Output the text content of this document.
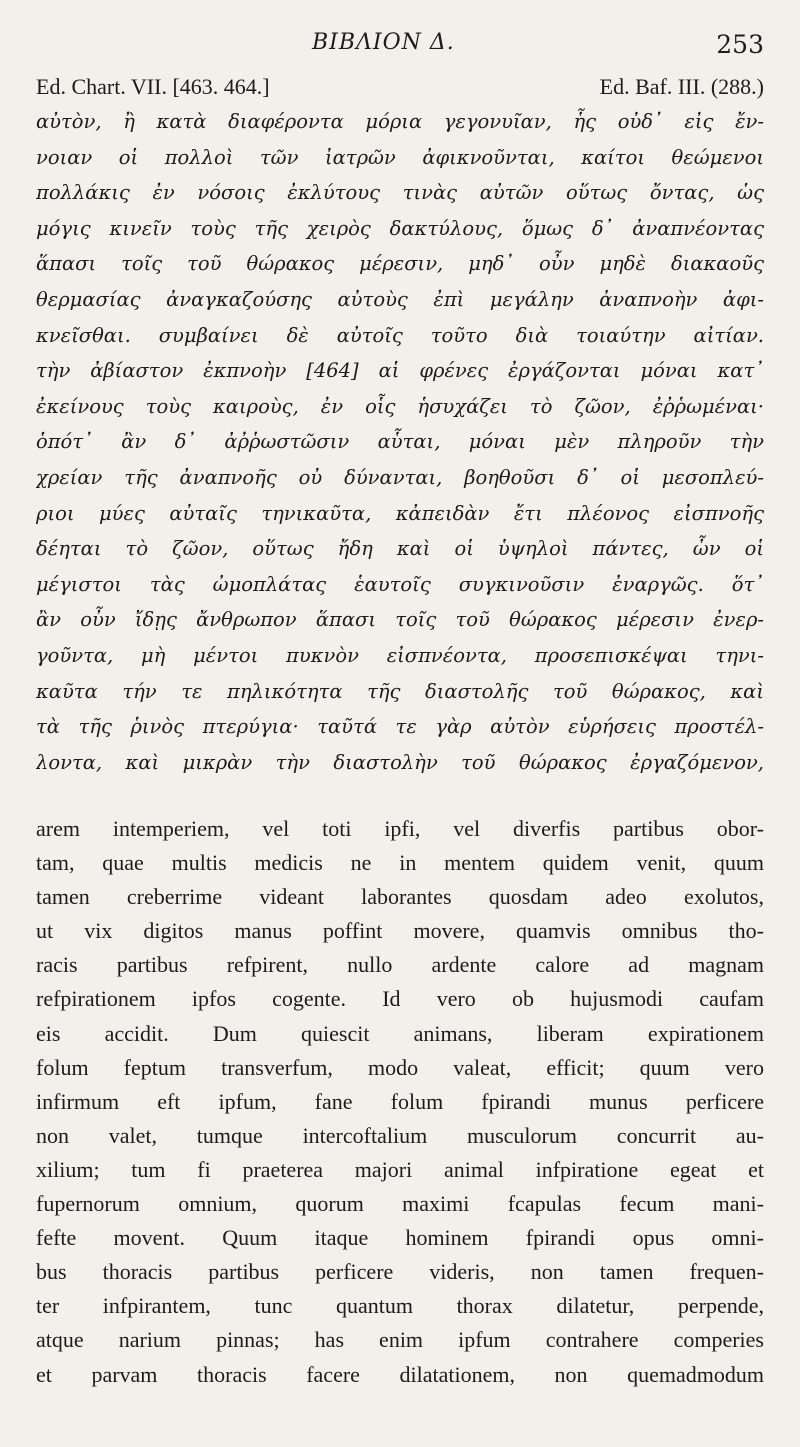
ΒΙΒΛΙΟΝ Δ.	253
Ed. Chart. VII. [463. 464.]	Ed. Baf. III. (288.)
αὐτὸν, ἢ κατὰ διαφέροντα μόρια γεγονυῖαν, ἧς οὐδ᾽ εἰς ἔν-
νοιαν οἱ πολλοὶ τῶν ἰατρῶν ἀφικνοῦνται, καίτοι θεώμενοι
πολλάκις ἐν νόσοις ἐκλύτους τινὰς αὐτῶν οὕτως ὄντας, ὡς
μόγις κινεῖν τοὺς τῆς χειρὸς δακτύλους, ὅμως δ᾽ ἀναπνέοντας
ἅπασι τοῖς τοῦ θώρακος μέρεσιν, μηδ᾽ οὖν μηδὲ διακαοῦς
θερμασίας ἀναγκαζούσης αὐτοὺς ἐπὶ μεγάλην ἀναπνοὴν ἀφι-
κνεῖσθαι. συμβαίνει δὲ αὐτοῖς τοῦτο διὰ τοιαύτην αἰτίαν.
τὴν ἀβίαστον ἐκπνοὴν [464] αἱ φρένες ἐργάζονται μόναι κατ᾽
ἐκείνους τοὺς καιροὺς, ἐν οἷς ἡσυχάζει τὸ ζῶον, ἐῤῥωμέναι·
ὁπότ᾽ ἂν δ᾽ ἀῤῥωστῶσιν αὗται, μόναι μὲν πληροῦν τὴν
χρείαν τῆς ἀναπνοῆς οὐ δύνανται, βοηθοῦσι δ᾽ οἱ μεσοπλεύ-
ριοι μύες αὐταῖς τηνικαῦτα, κἀπειδὰν ἔτι πλέονος εἰσπνοῆς
δέηται τὸ ζῶον, οὕτως ἤδη καὶ οἱ ὑψηλοὶ πάντες, ὧν οἱ
μέγιστοι τὰς ὠμοπλάτας ἑαυτοῖς συγκινοῦσιν ἐναργῶς. ὅτ᾽
ἂν οὖν ἴδῃς ἄνθρωπον ἅπασι τοῖς τοῦ θώρακος μέρεσιν ἐνερ-
γοῦντα, μὴ μέντοι πυκνὸν εἰσπνέοντα, προσεπισκέψαι τηνι-
καῦτα τήν τε πηλικότητα τῆς διαστολῆς τοῦ θώρακος, καὶ
τὰ τῆς ῥινὸς πτερύγια· ταῦτά τε γὰρ αὐτὸν εὑρήσεις προστέλ-
λοντα, καὶ μικρὰν τὴν διαστολὴν τοῦ θώρακος ἐργαζόμενον,
arem intemperiem, vel toti ipfi, vel diverfis partibus obor-
tam, quae multis medicis ne in mentem quidem venit, quum
tamen creberrime videant laborantes quosdam adeo exolutos,
ut vix digitos manus poffint movere, quamvis omnibus tho-
racis partibus refpirent, nullo ardente calore ad magnam
refpirationem ipfos cogente. Id vero ob hujusmodi caufam
eis accidit. Dum quiescit animans, liberam expirationem
folum feptum transverfum, modo valeat, efficit; quum vero
infirmum eft ipfum, fane folum fpirandi munus perficere
non valet, tumque intercoftalium musculorum concurrit au-
xilium; tum fi praeterea majori animal infpiratione egeat et
fupernorum omnium, quorum maximi fcapulas fecum mani-
fefte movent. Quum itaque hominem fpirandi opus omni-
bus thoracis partibus perficere videris, non tamen frequen-
ter infpirantem, tunc quantum thorax dilatetur, perpende,
atque narium pinnas; has enim ipfum contrahere comperies
et parvam thoracis facere dilatationem, non quemadmodum
